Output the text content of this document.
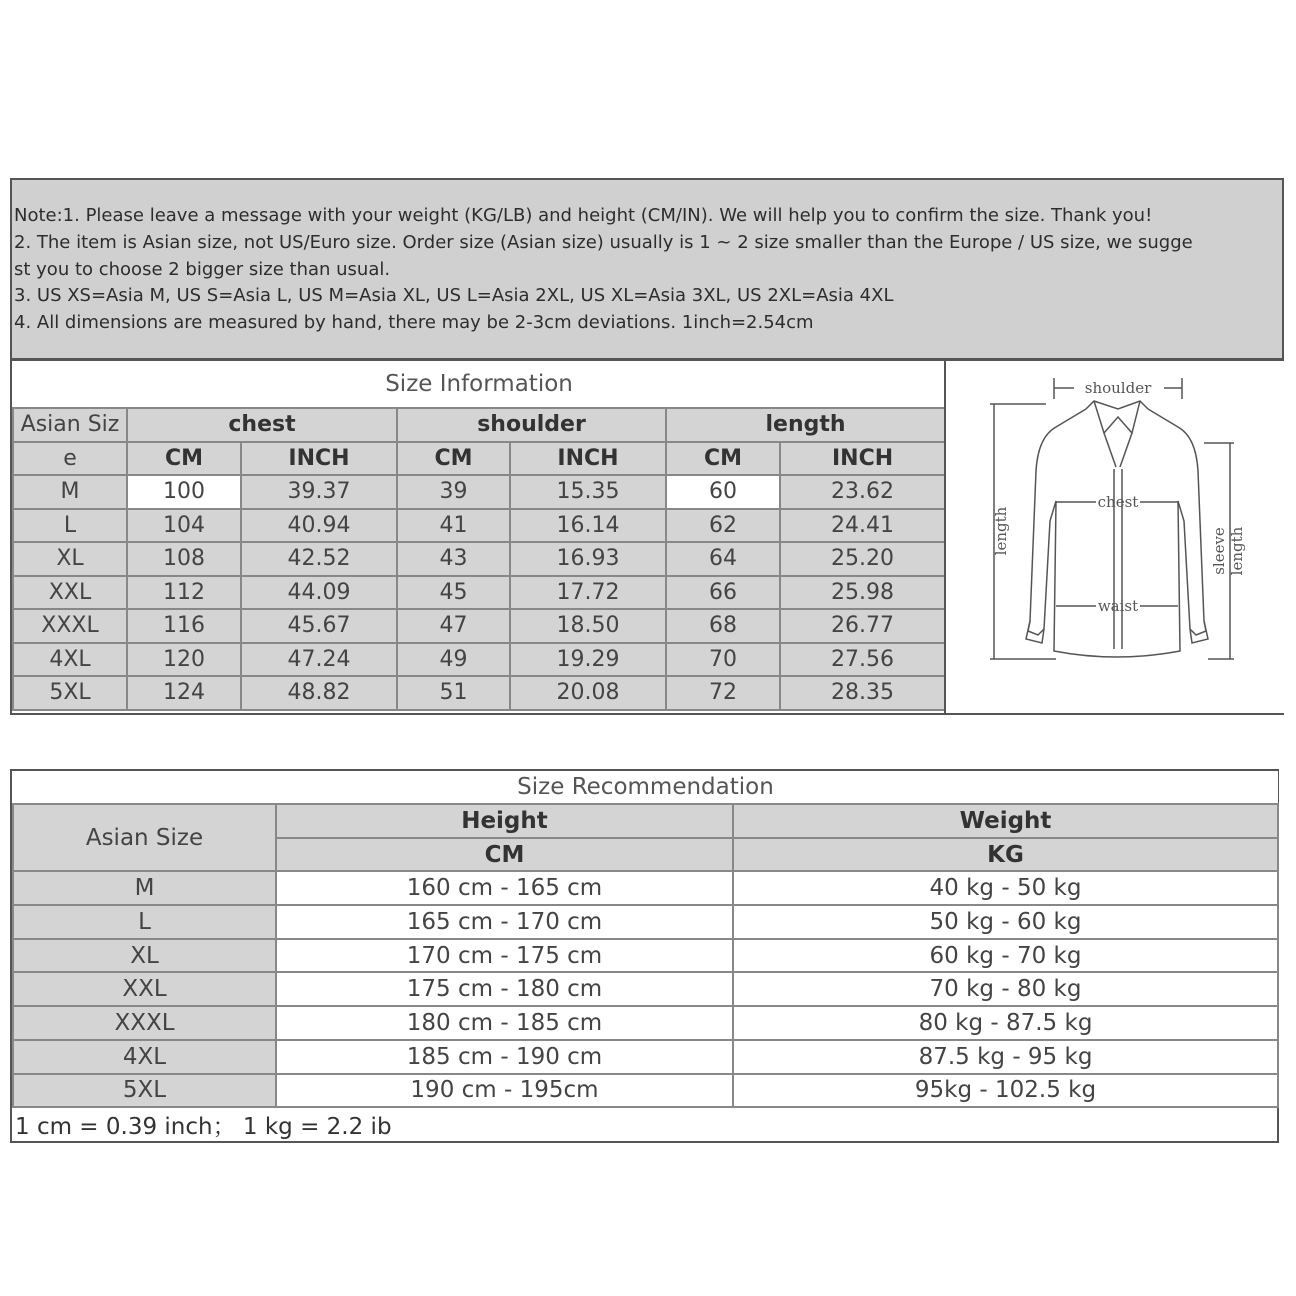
Note:1. Please leave a message with your weight (KG/LB) and height (CM/IN). We will help you to confirm the size. Thank you!
2. The item is Asian size, not US/Euro size. Order size (Asian size) usually is 1 ~ 2 size smaller than the Europe / US size, we sugge
st you to choose 2 bigger size than usual.
3. US XS=Asia M, US S=Asia L, US M=Asia XL, US L=Asia 2XL, US XL=Asia 3XL, US 2XL=Asia 4XL
4. All dimensions are measured by hand, there may be 2-3cm deviations. 1inch=2.54cm
Size Information						
Asian Siz	chest		shoulder		length	
e	CM	INCH	CM	INCH	CM	INCH
M	100	39.37	39	15.35	60	23.62
L	104	40.94	41	16.14	62	24.41
XL	108	42.52	43	16.93	64	25.20
XXL	112	44.09	45	17.72	66	25.98
XXXL	116	45.67	47	18.50	68	26.77
4XL	120	47.24	49	19.29	70	27.56
5XL	124	48.82	51	20.08	72	28.35
shoulder
chest
waist
length	sleeve length
Size Recommendation		
Asian Size	Height	Weight
	CM	KG
M	160 cm - 165 cm	40 kg - 50 kg
L	165 cm - 170 cm	50 kg - 60 kg
XL	170 cm - 175 cm	60 kg - 70 kg
XXL	175 cm - 180 cm	70 kg - 80 kg
XXXL	180 cm - 185 cm	80 kg - 87.5 kg
4XL	185 cm - 190 cm	87.5 kg - 95 kg
5XL	190 cm - 195cm	95kg - 102.5 kg
1 cm = 0.39 inch； 1 kg = 2.2 ib		
